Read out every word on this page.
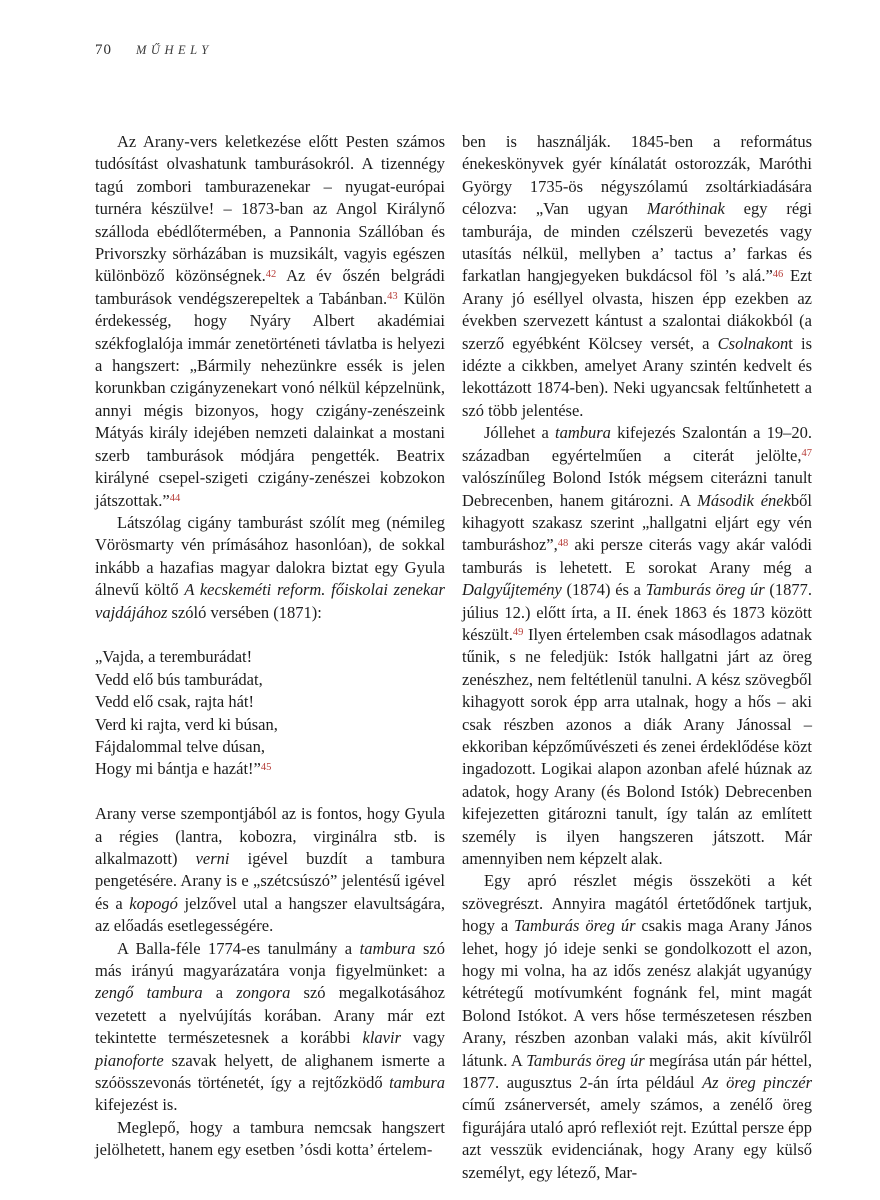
70 MŰHELY

Az Arany-vers keletkezése előtt Pesten számos tudósítást olvashatunk tamburásokról. A tizennégy tagú zombori tamburazenekar – nyugat-európai turnéra készülve! – 1873-ban az Angol Királynő szálloda ebédlőtermében, a Pannonia Szállóban és Privorszky sörházában is muzsikált, vagyis egészen különböző közönségnek.$^{42}$ Az év őszén belgrádi tamburások vendégszerepeltek a Tabánban.$^{43}$ Külön érdekesség, hogy Nyáry Albert akadémiai székfoglalója immár zenetörténeti távlatba is helyezi a hangszert: „Bármily nehezünkre essék is jelen korunkban czigányzenekart vonó nélkül képzelnünk, annyi mégis bizonyos, hogy czigány-zenészeink Mátyás király idejében nemzeti dalainkat a mostani szerb tamburások módjára pengették. Beatrix királyné csepel-szigeti czigány-zenészei kobzokon játszottak.”$^{44}$

Látszólag cigány tamburást szólít meg (némileg Vörösmarty vén prímásához hasonlóan), de sokkal inkább a hazafias magyar dalokra biztat egy Gyula álnevű költő A kecskeméti reform. főiskolai zenekar vajdájához szóló versében (1871):

„Vajda, a teremburádat!
Vedd elő bús tamburádat,
Vedd elő csak, rajta hát!
Verd ki rajta, verd ki búsan,
Fájdalommal telve dúsan,
Hogy mi bántja e hazát!”$^{45}$

Arany verse szempontjából az is fontos, hogy Gyula a régies (lantra, kobozra, virginálra stb. is alkalmazott) verni igével buzdít a tambura pengetésére. Arany is e „szétcsúszó” jelentésű igével és a kopogó jelzővel utal a hangszer elavultságára, az előadás esetlegességére.

A Balla-féle 1774-es tanulmány a tambura szó más irányú magyarázatára vonja figyelmünket: a zengő tambura a zongora szó megalkotásához vezetett a nyelvújítás korában. Arany már ezt tekintette természetesnek a korábbi klavir vagy pianoforte szavak helyett, de alighanem ismerte a szóösszevonás történetét, így a rejtőzködő tambura kifejezést is.

Meglepő, hogy a tambura nemcsak hangszert jelölhetett, hanem egy esetben ’ósdi kotta’ értelem-

ben is használják. 1845-ben a református énekeskönyvek gyér kínálatát ostorozzák, Maróthi György 1735-ös négyszólamú zsoltárkiadására célozva: „Van ugyan Maróthinak egy régi tamburája, de minden czélszerü bevezetés vagy utasítás nélkül, mellyben a’ tactus a’ farkas és farkatlan hangjegyeken bukdácsol föl ’s alá.”$^{46}$ Ezt Arany jó eséllyel olvasta, hiszen épp ezekben az években szervezett kántust a szalontai diákokból (a szerző egyébként Kölcsey versét, a Csolnakont is idézte a cikkben, amelyet Arany szintén kedvelt és lekottázott 1874-ben). Neki ugyancsak feltűnhetett a szó több jelentése.

Jóllehet a tambura kifejezés Szalontán a 19–20. században egyértelműen a citerát jelölte,$^{47}$ valószínűleg Bolond Istók mégsem citerázni tanult Debrecenben, hanem gitározni. A Második énekből kihagyott szakasz szerint „hallgatni eljárt egy vén tamburáshoz”,$^{48}$ aki persze citerás vagy akár valódi tamburás is lehetett. E sorokat Arany még a Dalgyűjtemény (1874) és a Tamburás öreg úr (1877. július 12.) előtt írta, a II. ének 1863 és 1873 között készült.$^{49}$ Ilyen értelemben csak másodlagos adatnak tűnik, s ne feledjük: Istók hallgatni járt az öreg zenészhez, nem feltétlenül tanulni. A kész szövegből kihagyott sorok épp arra utalnak, hogy a hős – aki csak részben azonos a diák Arany Jánossal – ekkoriban képzőművészeti és zenei érdeklődése közt ingadozott. Logikai alapon azonban afelé húznak az adatok, hogy Arany (és Bolond Istók) Debrecenben kifejezetten gitározni tanult, így talán az említett személy is ilyen hangszeren játszott. Már amennyiben nem képzelt alak.

Egy apró részlet mégis összeköti a két szövegrészt. Annyira magától értetődőnek tartjuk, hogy a Tamburás öreg úr csakis maga Arany János lehet, hogy jó ideje senki se gondolkozott el azon, hogy mi volna, ha az idős zenész alakját ugyanúgy kétrétegű motívumként fognánk fel, mint magát Bolond Istókot. A vers hőse természetesen részben Arany, részben azonban valaki más, akit kívülről látunk. A Tamburás öreg úr megírása után pár héttel, 1877. augusztus 2-án írta például Az öreg pinczér című zsánerversét, amely számos, a zenélő öreg figurájára utaló apró reflexiót rejt. Ezúttal persze épp azt vesszük evidenciának, hogy Arany egy külső személyt, egy létező, Mar-
